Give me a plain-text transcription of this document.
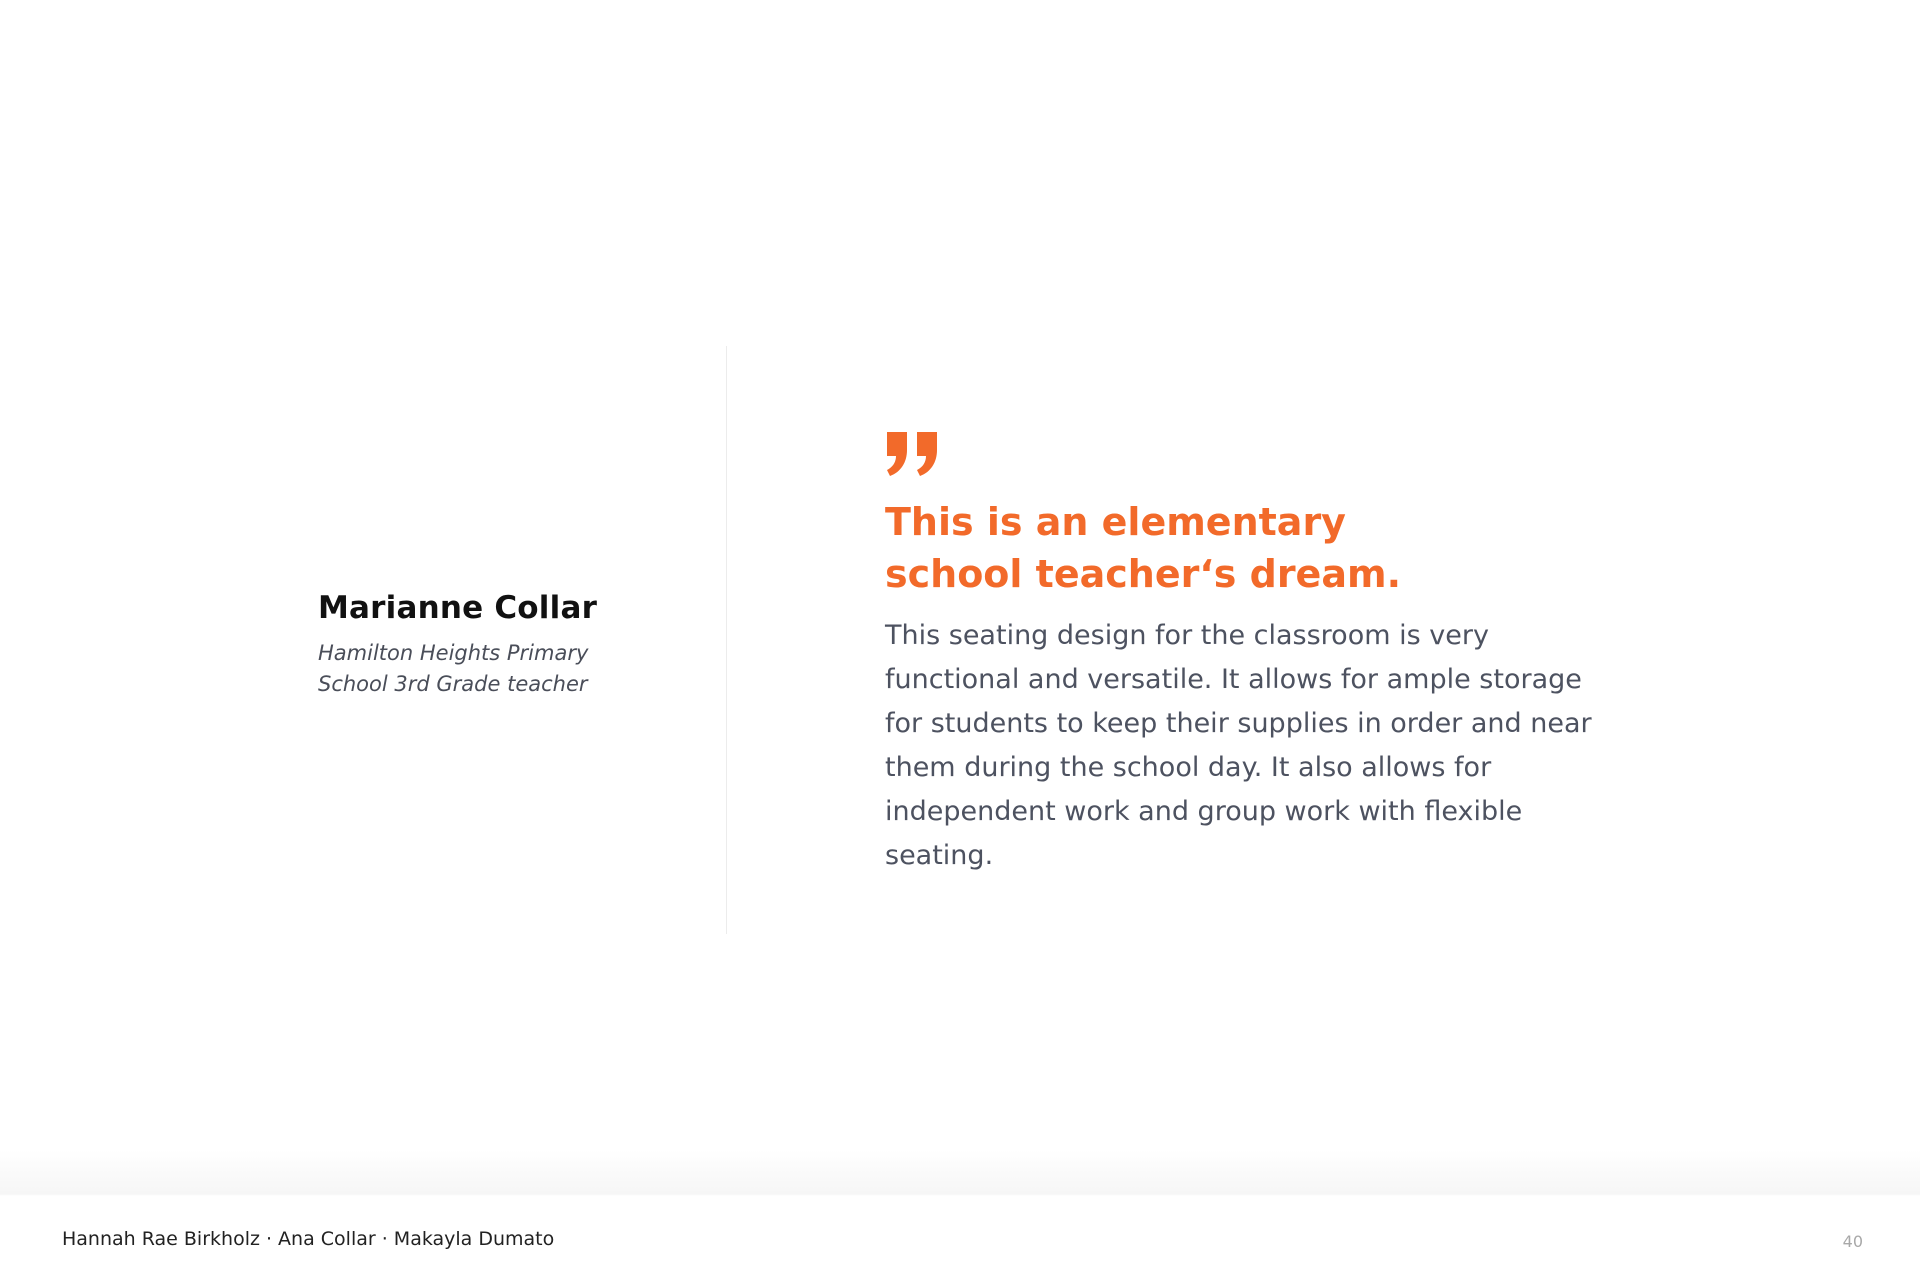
Marianne Collar
Hamilton Heights Primary School 3rd Grade teacher
This is an elementary
school teacher‘s dream.
This seating design for the classroom is very functional and versatile. It allows for ample storage for students to keep their supplies in order and near them during the school day. It also allows for independent work and group work with flexible seating.
Hannah Rae Birkholz · Ana Collar · Makayla Dumato	40
